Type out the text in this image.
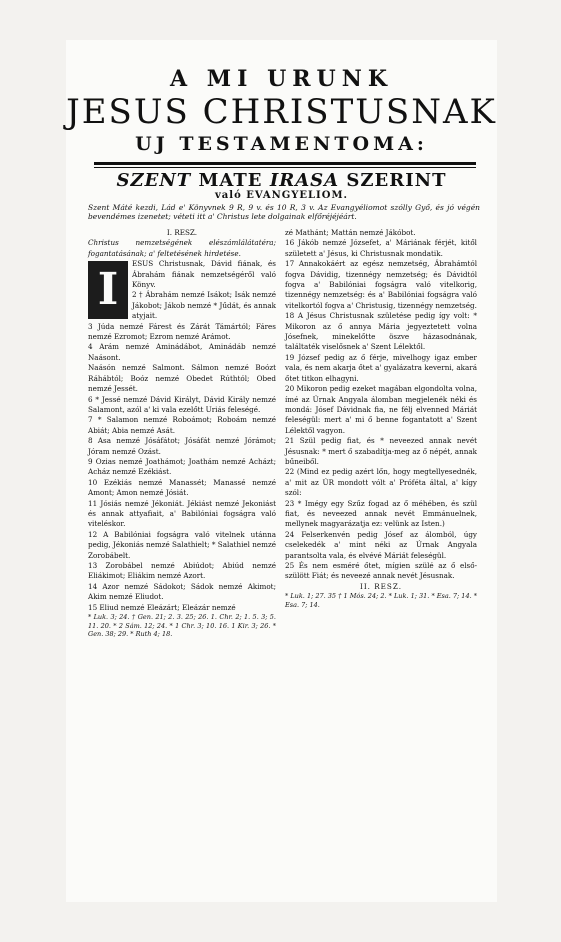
A MI URUNK
JESUS CHRISTUSNAK
UJ TESTAMENTOMA:
SZENT MATE IRASA SZERINT
való EVANGYELIOM.
Szent Máté kezdi, Lád e' Könyvnek 9 R, 9 v. és 10 R, 3 v. Az Evangyéliomot szólly Győ, és jó végén bevendémes izenetet; véteti itt a' Christus lete dolgainak elfőréjéjéárt.

I. RESZ.

Christus nemzetségének elészámlálátatéra; fogantatásának; a' feltetésének hirdetése.

I

ESUS Christusnak, Dávid fiának, és Ábrahám fiának nemzetségéről való Könyv.

2 † Ábrahám nemzé Isákot; Isák nemzé Jákobot; Jákob nemzé * Jűdát, és annak atyjait.

3 Júda nemzé Fárest és Zárát Támártól; Fáres nemzé Ezromot; Ezrom nemzé Arámot.

4 Arám nemzé Aminádábot, Aminádáb nemzé Naásont.

Naásón nemzé Salmont. Sálmon nemzé Boózt Ráhábtól; Boóz nemzé Obedet Rúthtól; Obed nemzé Jessét.

6 * Jessé nemzé Dávid Királyt, Dávid Király nemzé Salamont, azól a' ki vala ezelőtt Uriás feleségé.

7 * Salamon nemzé Roboámot; Roboám nemzé Abiát; Abia nemzé Asát.

8 Asa nemzé Jósáfátot; Jósáfát nemzé Jórámot; Jóram nemzé Ozást.

9 Ozias nemzé Joathámot; Joathám nemzé Acházt; Acház nemzé Ezékiást.

10 Ezékiás nemzé Manassét; Manassé nemzé Amont; Amon nemzé Jósiát.

11 Jósiás nemzé Jékoniát. Jékiást nemzé Jekoniást és annak attyafiait, a' Babilóniai fogságra való viteléskor.

12 A Babilóniai fogságra való vitelnek utánna pedig, Jékoniás nemzé Salathielt; * Salathiel nemzé Zorobábelt.

13 Zorobábel nemzé Abiúdot; Abiúd nemzé Eliákimot; Eliákim nemzé Azort.

14 Azor nemzé Sádokot; Sádok nemzé Akimot; Akim nemzé Eliudot.

15 Eliud nemzé Eleázárt; Eleázár nemzé

* Luk. 3; 24. † Gen. 21; 2. 3. 25; 26. 1. Chr. 2; 1. 5. 3; 5. 11. 20. * 2 Sám. 12; 24. * 1 Chr. 3; 10. 16. 1 Kir. 3; 26. * Gen. 38; 29. * Ruth 4; 18.

zé Mathánt; Mattán nemzé Jákóbot.

16 Jákób nemzé Józsefet, a' Máriának férjét, kitől született a' Jésus, ki Christusnak mondatik.

17 Annakokáért az egész nemzetség, Ábrahámtól fogva Dávidig, tizennégy nemzetség; és Dávidtól fogva a' Babilóniai fogságra való vitelkorig, tizennégy nemzetség: és a' Babilóniai fogságra való vitelkortól fogva a' Christusig, tizennégy nemzetség.

18 A Jésus Christusnak születése pedig így volt: * Mikoron az ő annya Mária jegyeztetett volna Jósefnek, minekelőtte öszve házasodnának, találtaték viselősnek a' Szent Lélektől.

19 József pedig az ő férje, mivelhogy igaz ember vala, és nem akarja őtet a' gyalázatra keverni, akará őtet titkon elhagyni.

20 Mikoron pedig ezeket magában elgondolta volna, ímé az Úrnak Angyala álomban megjelenék néki és mondá: Jósef Dávidnak fia, ne félj elvenned Máriát feleségül: mert a' mi ő benne fogantatott a' Szent Lélektől vagyon.

21 Szül pedig fiat, és * neveezed annak nevét Jésusnak: * mert ő szabadítja-meg az ő népét, annak bűneiből.

22 (Mind ez pedig azért lőn, hogy megtellyesednék, a' mit az ÚR mondott vólt a' Próféta által, a' kígy szól:

23 * Imégy egy Szűz fogad az ő méhében, és szül fiat, és neveezed annak nevét Emmánuelnek, mellynek magyarázatja ez: velünk az Isten.)

24 Felserkenvén pedig Jósef az álomból, úgy cselekedék a' mint néki az Úrnak Angyala parantsolta vala, és elvévé Máriát feleségül.

25 És nem esméré őtet, mígien szülé az ő első-szülött Fiát; és neveezé annak nevét Jésusnak.

II. RESZ.

* Luk. 1; 27. 35 † 1 Mós. 24; 2. * Luk. 1; 31. * Esa. 7; 14. * Esa. 7; 14.
